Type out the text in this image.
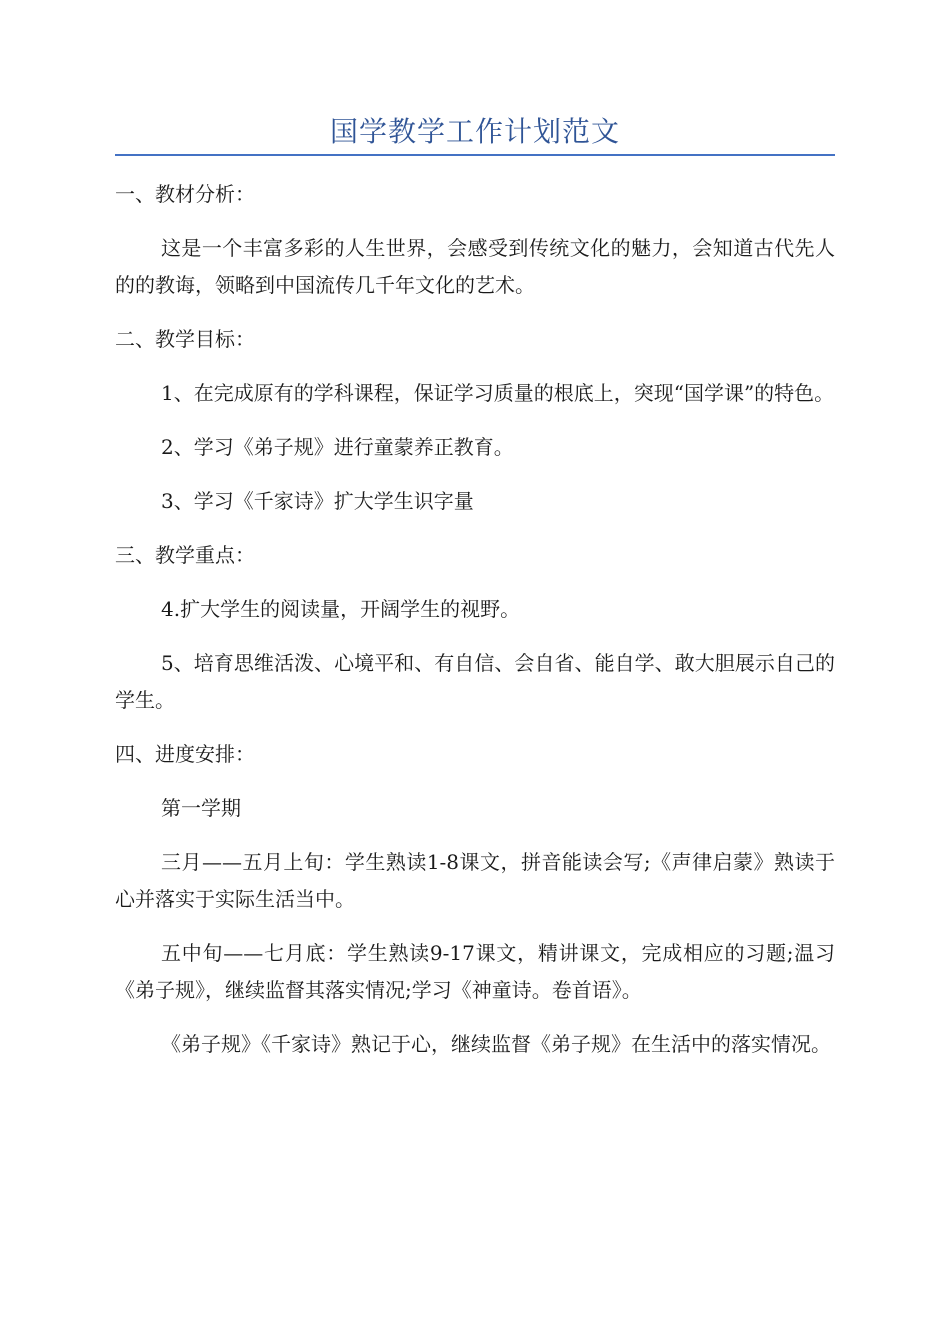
国学教学工作计划范文

一、教材分析：

这是一个丰富多彩的人生世界，会感受到传统文化的魅力，会知道古代先人的的教诲，领略到中国流传几千年文化的艺术。

二、教学目标：

1、在完成原有的学科课程，保证学习质量的根底上，突现“国学课”的特色。

2、学习《弟子规》进行童蒙养正教育。

3、学习《千家诗》扩大学生识字量

三、教学重点：

4.扩大学生的阅读量，开阔学生的视野。

5、培育思维活泼、心境平和、有自信、会自省、能自学、敢大胆展示自己的学生。

四、进度安排：

第一学期

三月——五月上旬：学生熟读1-8课文，拼音能读会写;《声律启蒙》熟读于心并落实于实际生活当中。

五中旬——七月底：学生熟读9-17课文，精讲课文，完成相应的习题;温习《弟子规》，继续监督其落实情况;学习《神童诗。卷首语》。

《弟子规》《千家诗》熟记于心，继续监督《弟子规》在生活中的落实情况。
